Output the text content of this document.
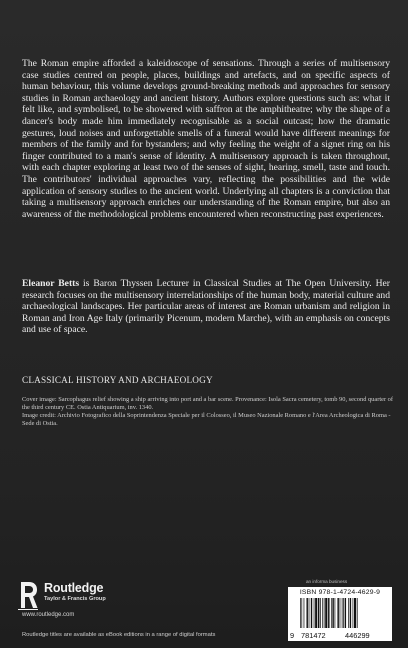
The Roman empire afforded a kaleidoscope of sensations. Through a series of multisensory case studies centred on people, places, buildings and artefacts, and on specific aspects of human behaviour, this volume develops ground-breaking methods and approaches for sensory studies in Roman archaeology and ancient history. Authors explore questions such as: what it felt like, and symbolised, to be showered with saffron at the amphitheatre; why the shape of a dancer's body made him immediately recognisable as a social outcast; how the dramatic gestures, loud noises and unforgettable smells of a funeral would have different meanings for members of the family and for bystanders; and why feeling the weight of a signet ring on his finger contributed to a man's sense of identity. A multisensory approach is taken throughout, with each chapter exploring at least two of the senses of sight, hearing, smell, taste and touch. The contributors' individual approaches vary, reflecting the possibilities and the wide application of sensory studies to the ancient world. Underlying all chapters is a conviction that taking a multisensory approach enriches our understanding of the Roman empire, but also an awareness of the methodological problems encountered when reconstructing past experiences.

Eleanor Betts is Baron Thyssen Lecturer in Classical Studies at The Open University. Her research focuses on the multisensory interrelationships of the human body, material culture and archaeological landscapes. Her particular areas of interest are Roman urbanism and religion in Roman and Iron Age Italy (primarily Picenum, modern Marche), with an emphasis on concepts and use of space.

CLASSICAL HISTORY AND ARCHAEOLOGY

Cover image: Sarcophagus relief showing a ship arriving into port and a bar scene. Provenance: Isola Sacra cemetery, tomb 90, second quarter of the third century CE. Ostia Antiquarium, inv. 1340.

Image credit: Archivio Fotografico della Soprintendenza Speciale per il Colosseo, il Museo Nazionale Romano e l'Area Archeologica di Roma - Sede di Ostia.

Routledge
Taylor & Francis Group
www.routledge.com
Routledge titles are available as eBook editions in a range of digital formats
an informa business
ISBN 978-1-4724-4629-9
9 781472	446299
